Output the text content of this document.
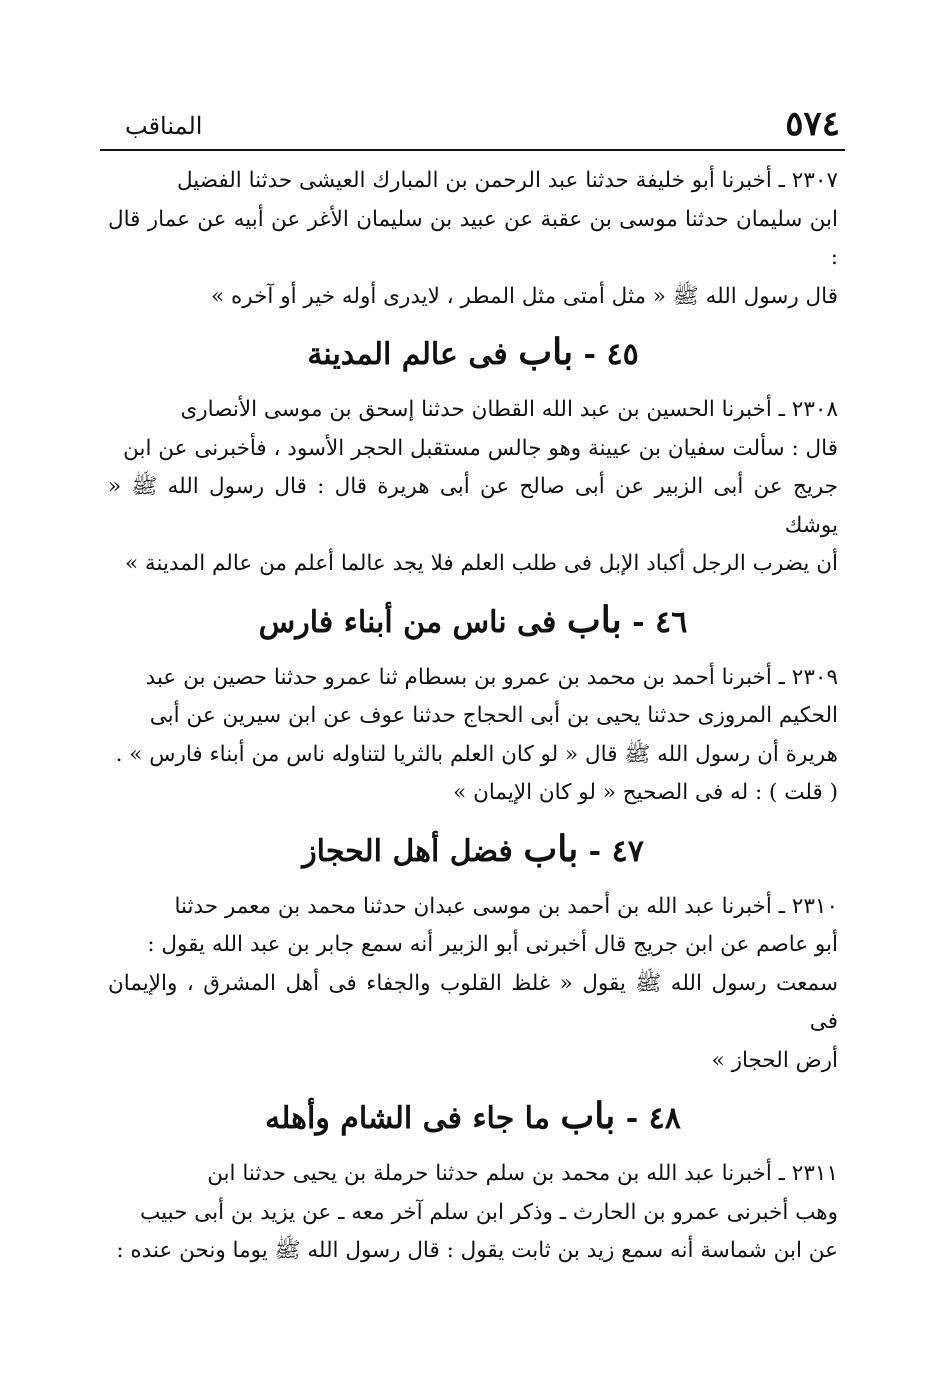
٥٧٤
المناقب

٢٣٠٧ ـ أخبرنا أبو خليفة حدثنا عبد الرحمن بن المبارك العيشى حدثنا الفضيل

ابن سليمان حدثنا موسى بن عقبة عن عبيد بن سليمان الأغر عن أبيه عن عمار قال :

قال رسول الله ﷺ « مثل أمتى مثل المطر ، لايدرى أوله خير أو آخره »

٤٥ - باب فى عالم المدينة

٢٣٠٨ ـ أخبرنا الحسين بن عبد الله القطان حدثنا إسحق بن موسى الأنصارى

قال : سألت سفيان بن عيينة وهو جالس مستقبل الحجر الأسود ، فأخبرنى عن ابن

جريج عن أبى الزبير عن أبى صالح عن أبى هريرة قال : قال رسول الله ﷺ « يوشك

أن يضرب الرجل أكباد الإبل فى طلب العلم فلا يجد عالما أعلم من عالم المدينة »

٤٦ - باب فى ناس من أبناء فارس

٢٣٠٩ ـ أخبرنا أحمد بن محمد بن عمرو بن بسطام ثنا عمرو حدثنا حصين بن عبد

الحكيم المروزى حدثنا يحيى بن أبى الحجاج حدثنا عوف عن ابن سيرين عن أبى

هريرة أن رسول الله ﷺ قال « لو كان العلم بالثريا لتناوله ناس من أبناء فارس » .

( قلت ) : له فى الصحيح « لو كان الإيمان »

٤٧ - باب فضل أهل الحجاز

٢٣١٠ ـ أخبرنا عبد الله بن أحمد بن موسى عبدان حدثنا محمد بن معمر حدثنا

أبو عاصم عن ابن جريج قال أخبرنى أبو الزبير أنه سمع جابر بن عبد الله يقول :

سمعت رسول الله ﷺ يقول « غلظ القلوب والجفاء فى أهل المشرق ، والإيمان فى

أرض الحجاز »

٤٨ - باب ما جاء فى الشام وأهله

٢٣١١ ـ أخبرنا عبد الله بن محمد بن سلم حدثنا حرملة بن يحيى حدثنا ابن

وهب أخبرنى عمرو بن الحارث ـ وذكر ابن سلم آخر معه ـ عن يزيد بن أبى حبيب

عن ابن شماسة أنه سمع زيد بن ثابت يقول : قال رسول الله ﷺ يوما ونحن عنده :
